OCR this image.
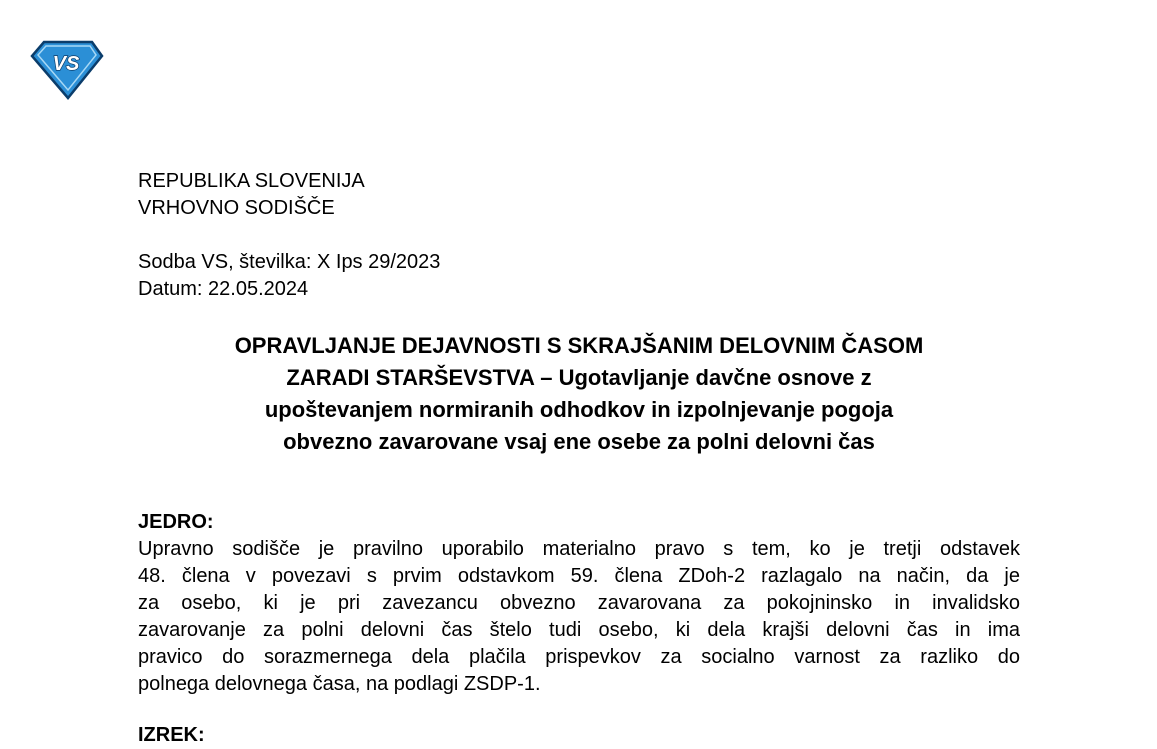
VS
REPUBLIKA SLOVENIJA
VRHOVNO SODIŠČE
Sodba VS, številka: X Ips 29/2023
Datum: 22.05.2024
OPRAVLJANJE DEJAVNOSTI S SKRAJŠANIM DELOVNIM ČASOM
ZARADI STARŠEVSTVA – Ugotavljanje davčne osnove z
upoštevanjem normiranih odhodkov in izpolnjevanje pogoja
obvezno zavarovane vsaj ene osebe za polni delovni čas
JEDRO:
Upravno sodišče je pravilno uporabilo materialno pravo s tem, ko je tretji odstavek
48. člena v povezavi s prvim odstavkom 59. člena ZDoh-2 razlagalo na način, da je
za osebo, ki je pri zavezancu obvezno zavarovana za pokojninsko in invalidsko
zavarovanje za polni delovni čas štelo tudi osebo, ki dela krajši delovni čas in ima
pravico do sorazmernega dela plačila prispevkov za socialno varnost za razliko do
polnega delovnega časa, na podlagi ZSDP-1.
IZREK:
